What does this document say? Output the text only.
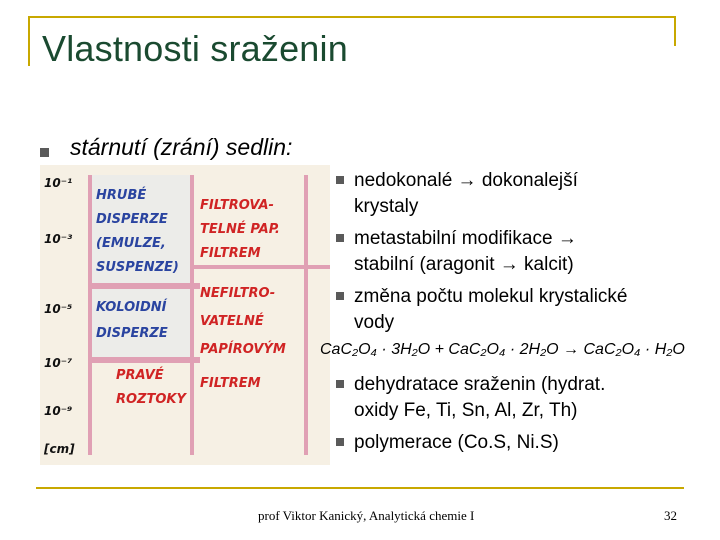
Vlastnosti sraženin
stárnutí (zrání) sedlin:
10⁻¹
10⁻³
10⁻⁵
10⁻⁷
10⁻⁹
[cm]
HRUBÉ
DISPERZE
(EMULZE,
SUSPENZE)
KOLOIDNÍ
DISPERZE
PRAVÉ
ROZTOKY
FILTROVA-
TELNÉ PAP.
FILTREM
NEFILTRO-
VATELNÉ
PAPÍROVÝM
FILTREM
nedokonalé → dokonalejší
krystaly
metastabilní modifikace →
stabilní (aragonit → kalcit)
změna počtu molekul krystalické
vody
dehydratace sraženin (hydrat.
oxidy Fe, Ti, Sn, Al, Zr, Th)
polymerace (Co.S, Ni.S)
CaC₂O₄ · 3H₂O + CaC₂O₄ · 2H₂O → CaC₂O₄ · H₂O
prof Viktor Kanický, Analytická chemie I	32
